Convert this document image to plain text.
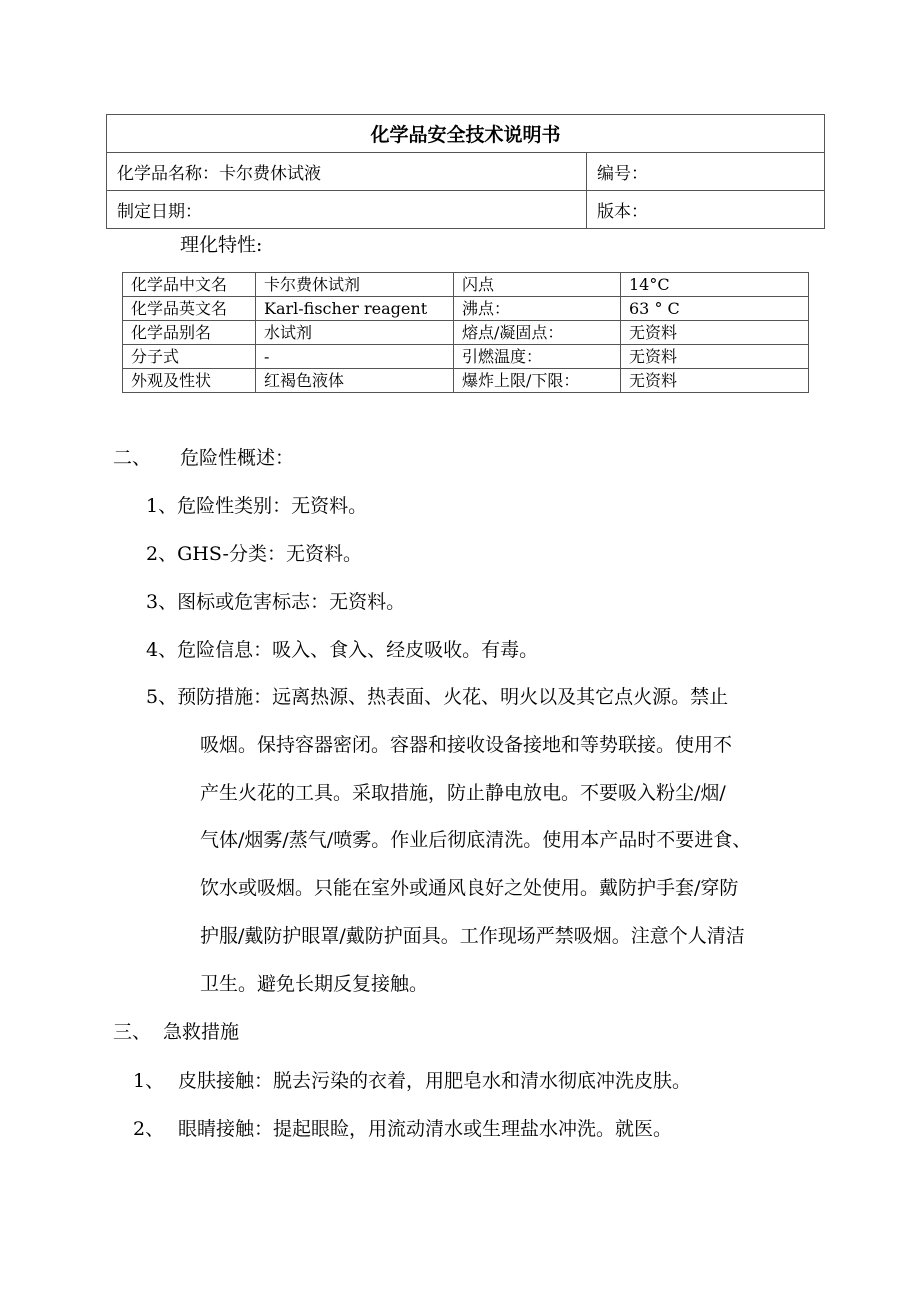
化学品安全技术说明书	
化学品名称：卡尔费休试液	编号：
制定日期：	版本：
理化特性:
化学品中文名	卡尔费休试剂	闪点	14°C
化学品英文名	Karl-fischer reagent	沸点：	63 ° C
化学品别名	水试剂	熔点/凝固点：	无资料
分子式	-	引燃温度：	无资料
外观及性状	红褐色液体	爆炸上限/下限：	无资料
二、 危险性概述：
1、危险性类别：无资料。
2、GHS-分类：无资料。
3、图标或危害标志：无资料。
4、危险信息：吸入、食入、经皮吸收。有毒。
5、预防措施：远离热源、热表面、火花、明火以及其它点火源。禁止
吸烟。保持容器密闭。容器和接收设备接地和等势联接。使用不
产生火花的工具。采取措施，防止静电放电。不要吸入粉尘/烟/
气体/烟雾/蒸气/喷雾。作业后彻底清洗。使用本产品时不要进食、
饮水或吸烟。只能在室外或通风良好之处使用。戴防护手套/穿防
护服/戴防护眼罩/戴防护面具。工作现场严禁吸烟。注意个人清洁
卫生。避免长期反复接触。
三、 急救措施
1、 皮肤接触：脱去污染的衣着，用肥皂水和清水彻底冲洗皮肤。
2、 眼睛接触：提起眼睑，用流动清水或生理盐水冲洗。就医。
